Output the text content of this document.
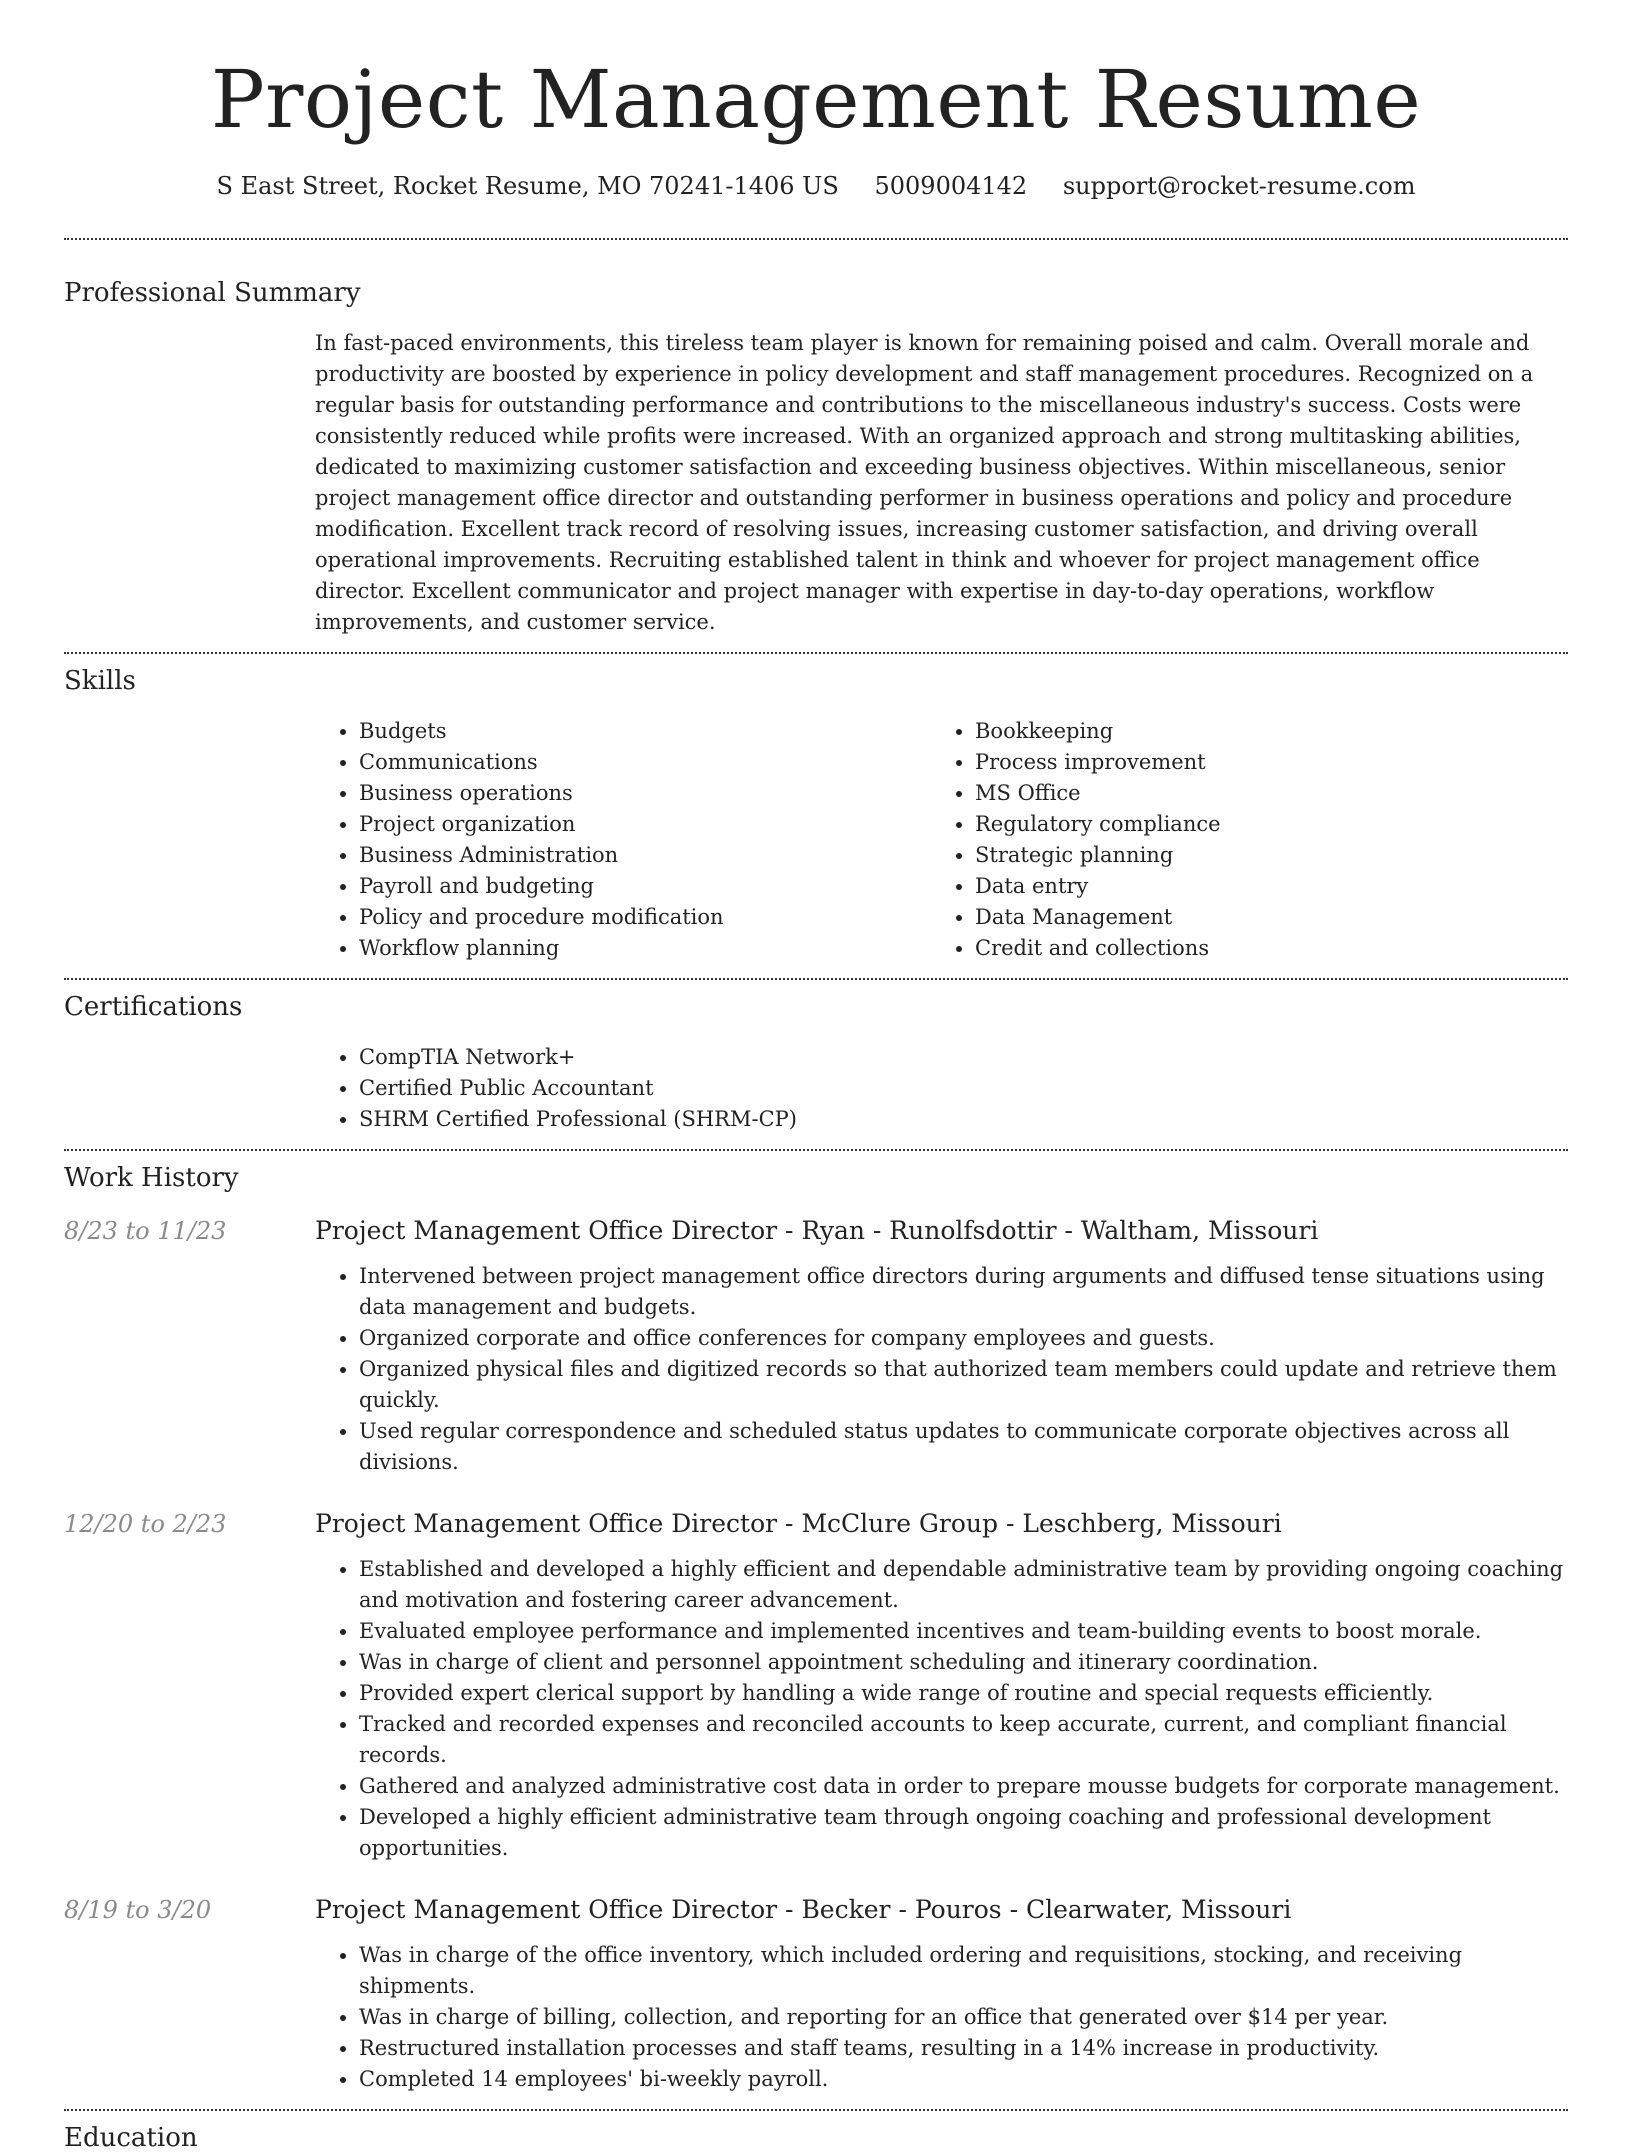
Project Management Resume
S East Street, Rocket Resume, MO 70241-1406 US 5009004142 support@rocket-resume.com
Professional Summary

In fast-paced environments, this tireless team player is known for remaining poised and calm. Overall morale and productivity are boosted by experience in policy development and staff management procedures. Recognized on a regular basis for outstanding performance and contributions to the miscellaneous industry's success. Costs were consistently reduced while profits were increased. With an organized approach and strong multitasking abilities, dedicated to maximizing customer satisfaction and exceeding business objectives. Within miscellaneous, senior project management office director and outstanding performer in business operations and policy and procedure modification. Excellent track record of resolving issues, increasing customer satisfaction, and driving overall operational improvements. Recruiting established talent in think and whoever for project management office director. Excellent communicator and project manager with expertise in day-to-day operations, workflow improvements, and customer service.

Skills
• Budgets
• Communications
• Business operations
• Project organization
• Business Administration
• Payroll and budgeting
• Policy and procedure modification
• Workflow planning
• Bookkeeping
• Process improvement
• MS Office
• Regulatory compliance
• Strategic planning
• Data entry
• Data Management
• Credit and collections
Certifications
• CompTIA Network+
• Certified Public Accountant
• SHRM Certified Professional (SHRM-CP)
Work History
8/23 to 11/23	Project Management Office Director - Ryan - Runolfsdottir - Waltham, Missouri
• Intervened between project management office directors during arguments and diffused tense situations using data management and budgets.
• Organized corporate and office conferences for company employees and guests.
• Organized physical files and digitized records so that authorized team members could update and retrieve them quickly.
• Used regular correspondence and scheduled status updates to communicate corporate objectives across all divisions.
12/20 to 2/23	Project Management Office Director - McClure Group - Leschberg, Missouri
• Established and developed a highly efficient and dependable administrative team by providing ongoing coaching and motivation and fostering career advancement.
• Evaluated employee performance and implemented incentives and team-building events to boost morale.
• Was in charge of client and personnel appointment scheduling and itinerary coordination.
• Provided expert clerical support by handling a wide range of routine and special requests efficiently.
• Tracked and recorded expenses and reconciled accounts to keep accurate, current, and compliant financial records.
• Gathered and analyzed administrative cost data in order to prepare mousse budgets for corporate management.
• Developed a highly efficient administrative team through ongoing coaching and professional development opportunities.
8/19 to 3/20	Project Management Office Director - Becker - Pouros - Clearwater, Missouri
• Was in charge of the office inventory, which included ordering and requisitions, stocking, and receiving shipments.
• Was in charge of billing, collection, and reporting for an office that generated over $14 per year.
• Restructured installation processes and staff teams, resulting in a 14% increase in productivity.
• Completed 14 employees' bi-weekly payroll.
Education
